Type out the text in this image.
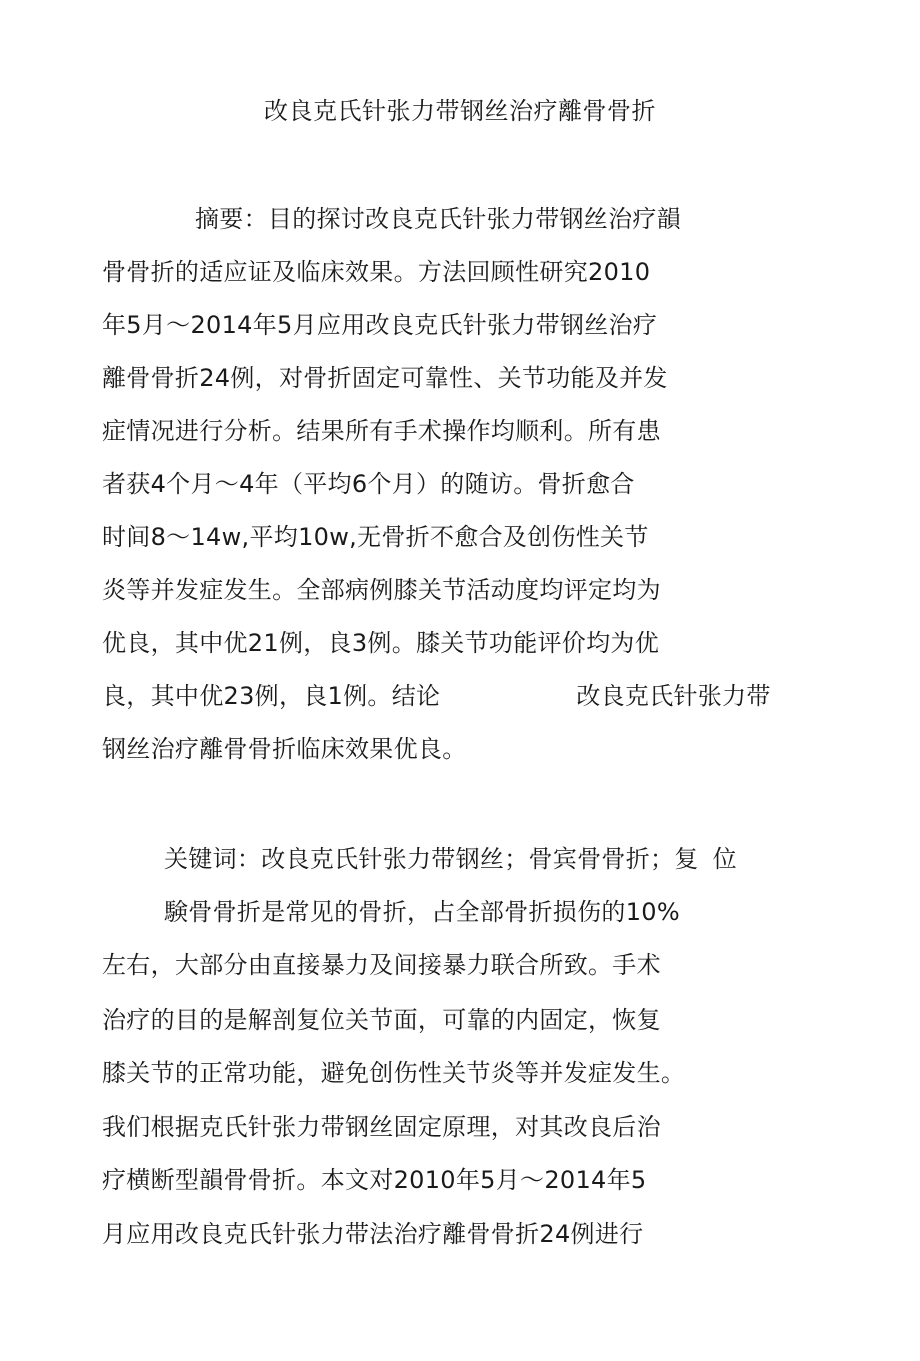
改良克氏针张力带钢丝治疗離骨骨折
摘要：目的探讨改良克氏针张力带钢丝治疗韻
骨骨折的适应证及临床效果。方法回顾性研究2010
年5月～2014年5月应用改良克氏针张力带钢丝治疗
離骨骨折24例，对骨折固定可靠性、关节功能及并发
症情况进行分析。结果所有手术操作均顺利。所有患
者获4个月～4年（平均6个月）的随访。骨折愈合
时间8～14w,平均10w,无骨折不愈合及创伤性关节
炎等并发症发生。全部病例膝关节活动度均评定均为
优良，其中优21例，良3例。膝关节功能评价均为优
良，其中优23例，良1例。结论	改良克氏针张力带
钢丝治疗離骨骨折临床效果优良。
关键词：改良克氏针张力带钢丝；骨宾骨骨折；复 位
験骨骨折是常见的骨折，占全部骨折损伤的10%
左右，大部分由直接暴力及间接暴力联合所致。手术
治疗的目的是解剖复位关节面，可靠的内固定，恢复
膝关节的正常功能，避免创伤性关节炎等并发症发生。
我们根据克氏针张力带钢丝固定原理，对其改良后治
疗横断型韻骨骨折。本文对2010年5月～2014年5
月应用改良克氏针张力带法治疗離骨骨折24例进行
